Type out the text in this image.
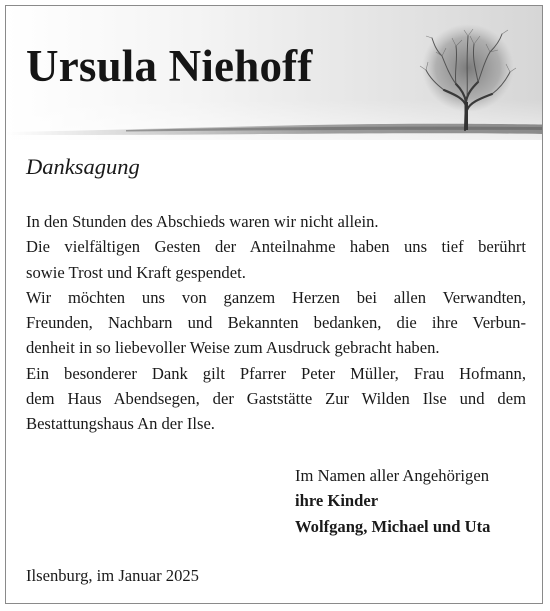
Ursula Niehoff
Danksagung
In den Stunden des Abschieds waren wir nicht allein.
Die vielfältigen Gesten der Anteilnahme haben uns tief berührt
sowie Trost und Kraft gespendet.
Wir möchten uns von ganzem Herzen bei allen Verwandten,
Freunden, Nachbarn und Bekannten bedanken, die ihre Verbun-
denheit in so liebevoller Weise zum Ausdruck gebracht haben.
Ein besonderer Dank gilt Pfarrer Peter Müller, Frau Hofmann,
dem Haus Abendsegen, der Gaststätte Zur Wilden Ilse und dem
Bestattungshaus An der Ilse.
Im Namen aller Angehörigen
ihre Kinder
Wolfgang, Michael und Uta
Ilsenburg, im Januar 2025
